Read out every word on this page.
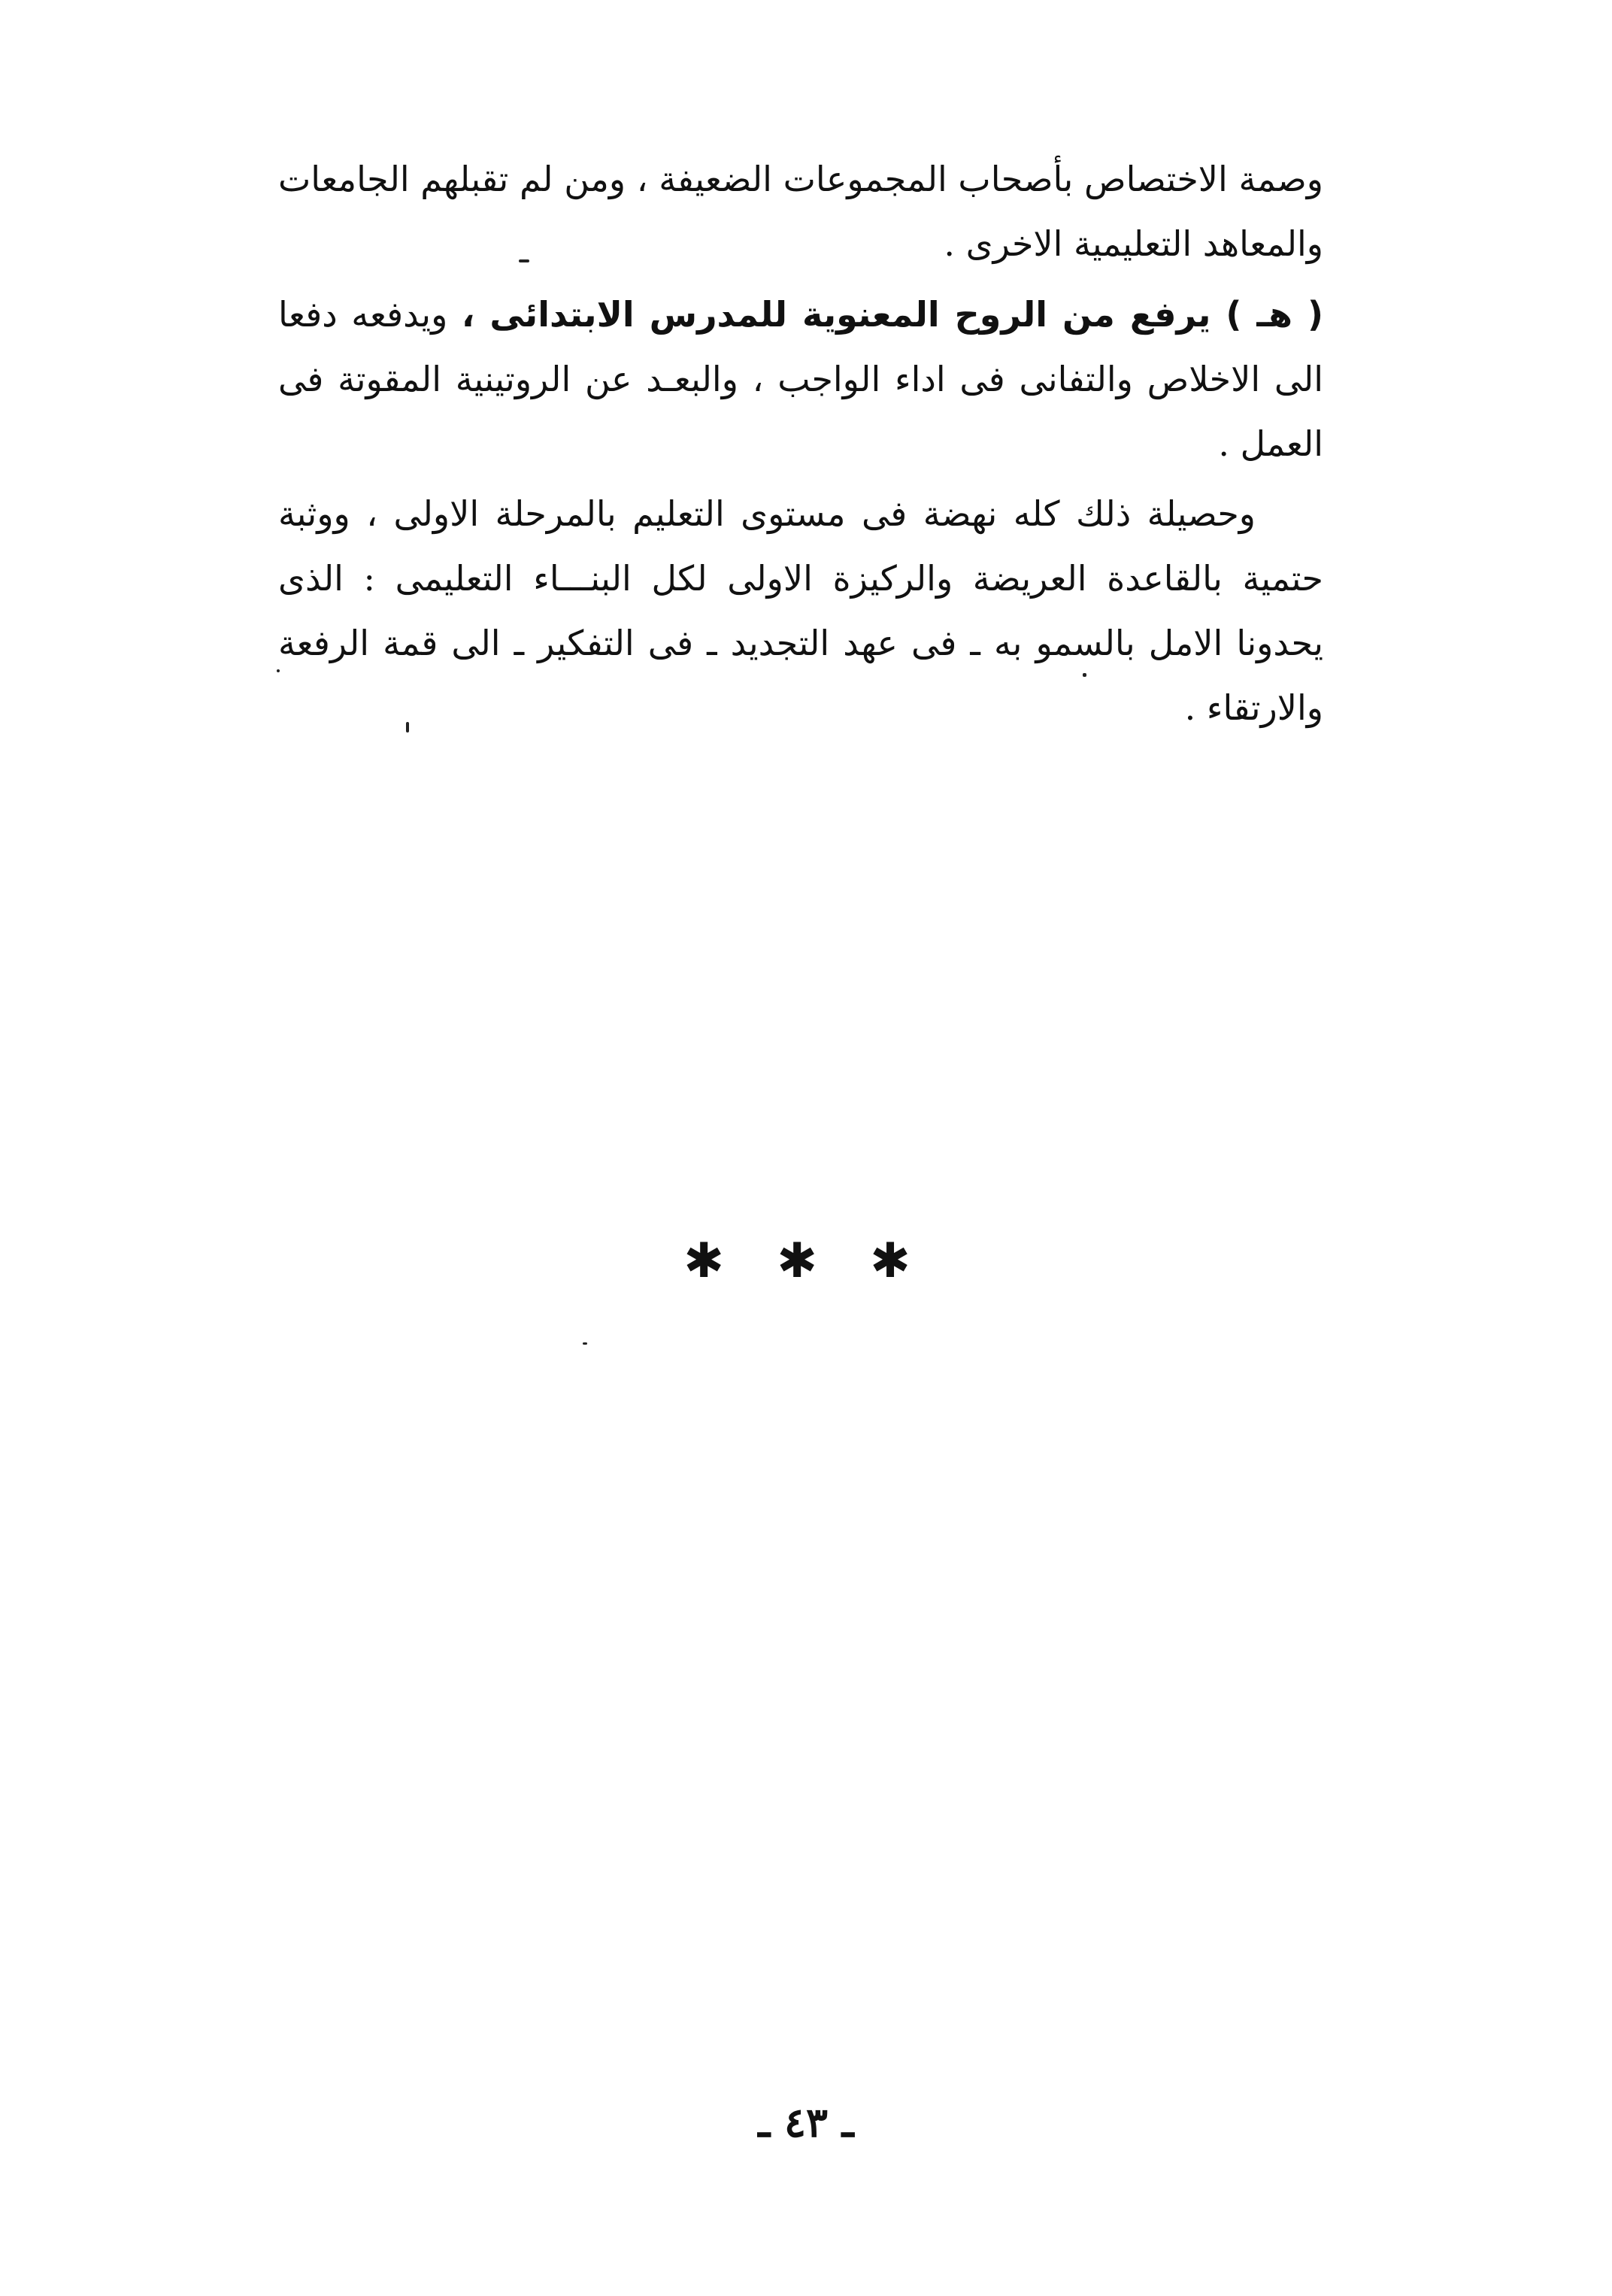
وصمة الاختصاص بأصحاب المجموعات الضعيفة ، ومن لم تقبلهم الجامعات والمعاهد التعليمية الاخرى .
( هـ ) يرفع من الروح المعنوية للمدرس الابتدائى ، ويدفعه دفعا الى الاخلاص والتفانى فى اداء الواجب ، والبعـد عن الروتينية المقوتة فى العمل .
وحصيلة ذلك كله نهضة فى مستوى التعليم بالمرحلة الاولى ، ووثبة حتمية بالقاعدة العريضة والركيزة الاولى لكل البنـــاء التعليمى : الذى يحدونا الامل بالسمو به ـ فى عهد التجديد ـ فى التفكير ـ الى قمة الرفعة والارتقاء .
✱ ✱ ✱
ـ ٤٣ ـ
